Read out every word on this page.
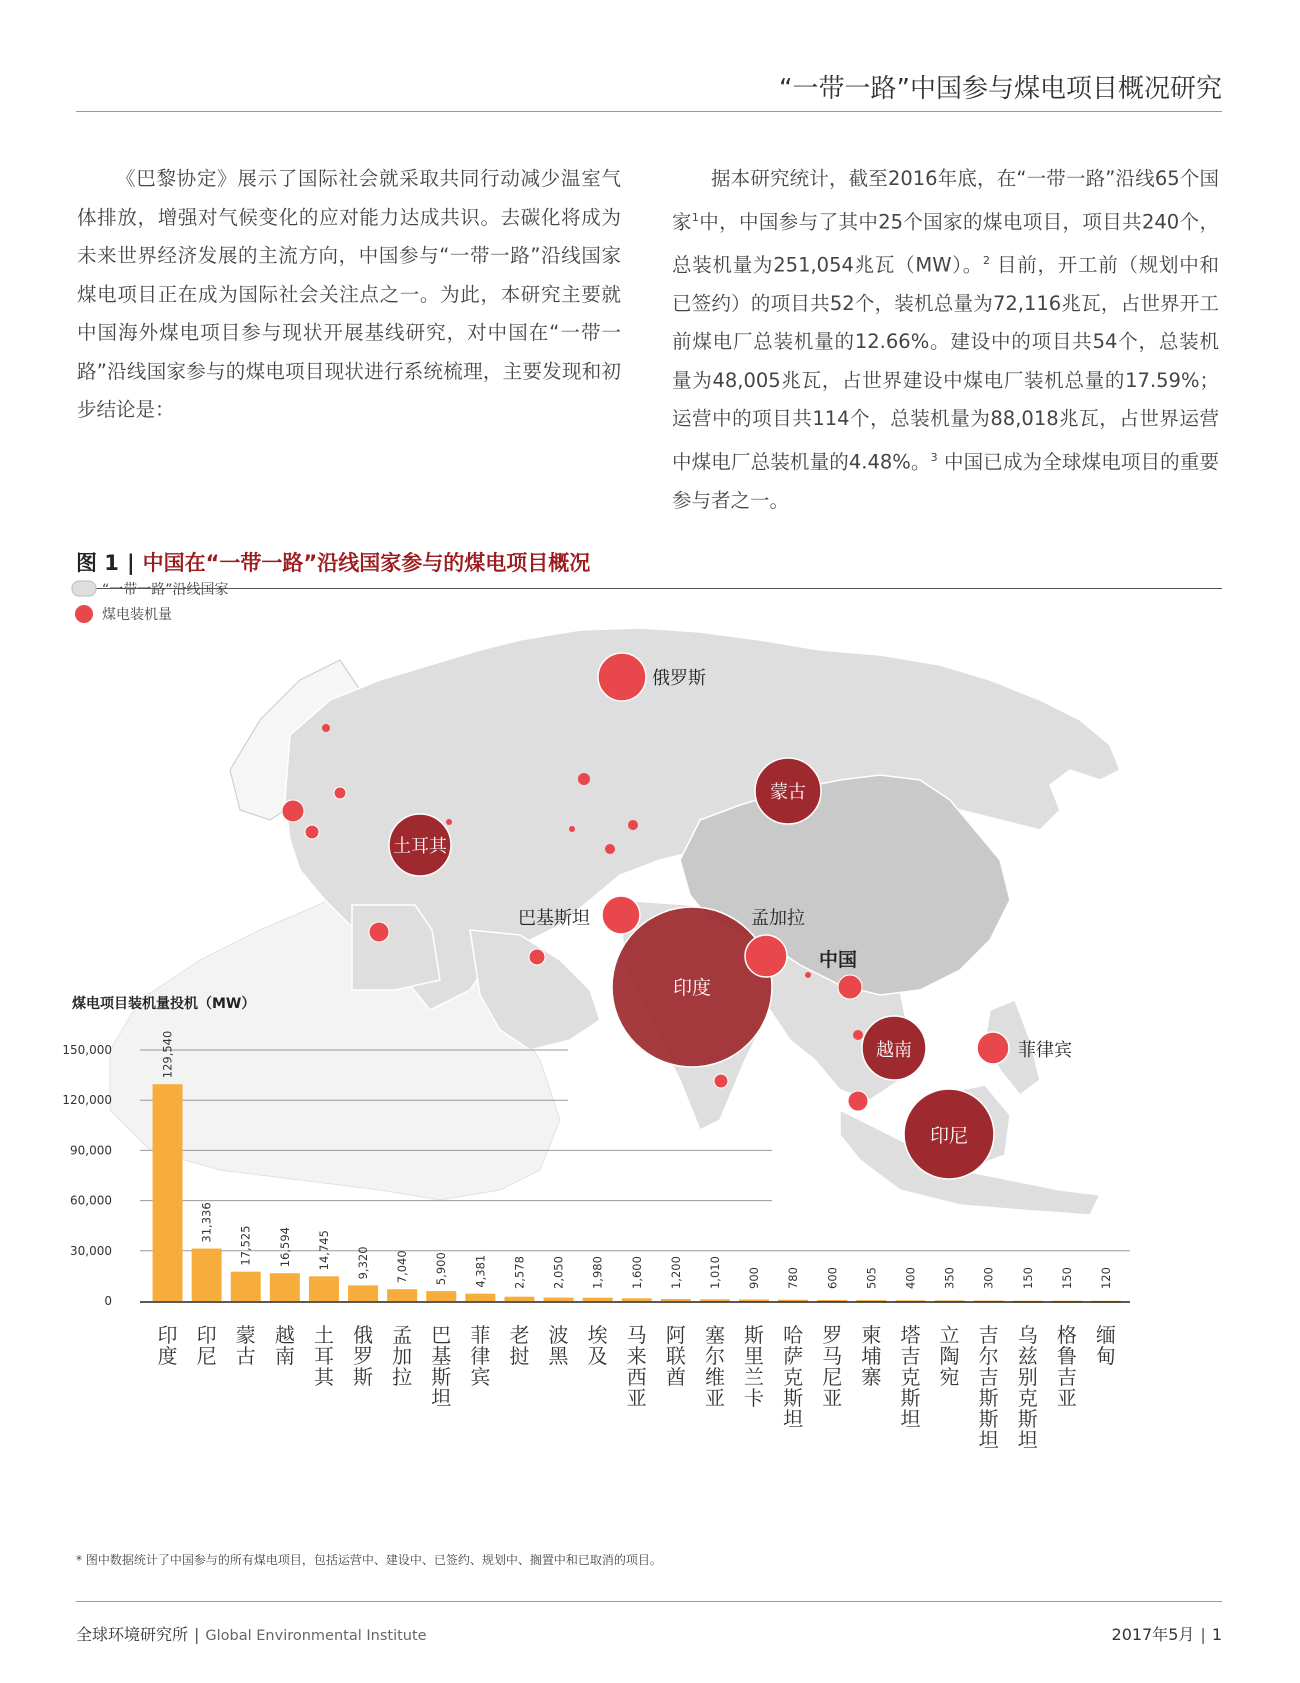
“一带一路”中国参与煤电项目概况研究

《巴黎协定》展示了国际社会就采取共同行动减少温室气体排放，增强对气候变化的应对能力达成共识。去碳化将成为未来世界经济发展的主流方向，中国参与“一带一路”沿线国家煤电项目正在成为国际社会关注点之一。为此，本研究主要就中国海外煤电项目参与现状开展基线研究，对中国在“一带一路”沿线国家参与的煤电项目现状进行系统梳理，主要发现和初步结论是：

据本研究统计，截至2016年底，在“一带一路”沿线65个国家$^1$中，中国参与了其中25个国家的煤电项目，项目共240个，总装机量为251,054兆瓦（MW）。$^2$ 目前，开工前（规划中和已签约）的项目共52个，装机总量为72,116兆瓦，占世界开工前煤电厂总装机量的12.66%。建设中的项目共54个，总装机量为48,005兆瓦，占世界建设中煤电厂装机总量的17.59%；运营中的项目共114个，总装机量为88,018兆瓦，占世界运营中煤电厂总装机量的4.48%。$^3$ 中国已成为全球煤电项目的重要参与者之一。

图 1 | 中国在“一带一路”沿线国家参与的煤电项目概况
中国
“一带一路”沿线国家
煤电装机量
俄罗斯
蒙古
土耳其
巴基斯坦
印度
孟加拉
越南	菲律宾
印尼
煤电项目装机量投机（MW）
0
30,000
60,000
90,000
120,000
150,000	129,540
31,336
17,525 16,594 14,745 9,320 7,040 5,900 4,381 2,578 2,050 1,980 1,600 1,200 1,010 900 780 600 505 400 350 300 150 150 120
印度
印尼
蒙古
越南
土耳其
俄罗斯
孟加拉
巴基斯坦
菲律宾
老挝
波黑
埃及
马来西亚
阿联酋
塞尔维亚
斯里兰卡
哈萨克斯坦
罗马尼亚
柬埔寨
塔吉克斯坦
立陶宛
吉尔吉斯斯坦
乌兹别克斯坦
格鲁吉亚
缅甸
* 图中数据统计了中国参与的所有煤电项目，包括运营中、建设中、已签约、规划中、搁置中和已取消的项目。
全球环境研究所 | Global Environmental Institute	2017年5月 | 1
